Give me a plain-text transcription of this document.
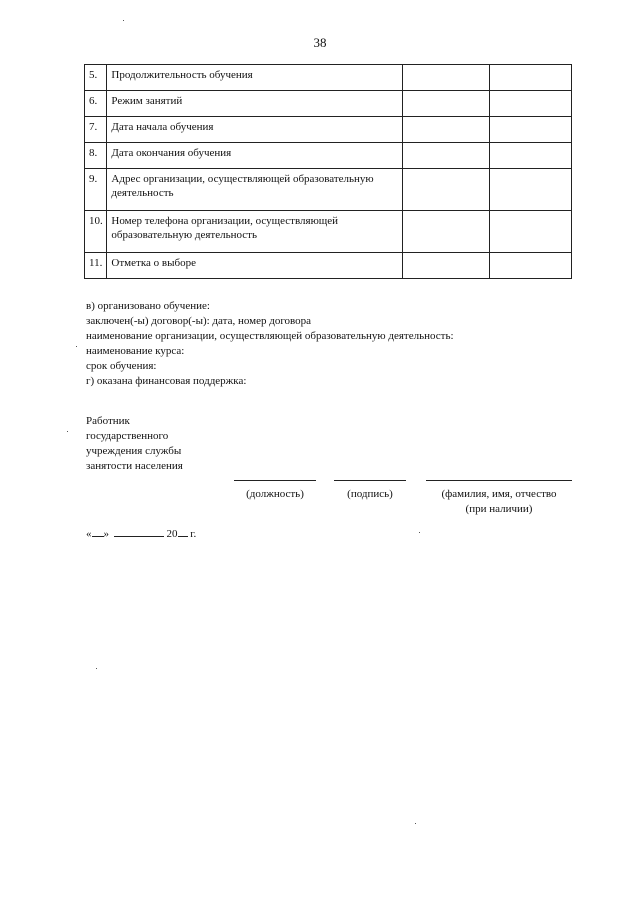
38
5.	Продолжительность обучения		
6.	Режим занятий		
7.	Дата начала обучения		
8.	Дата окончания обучения		
9.	Адрес организации, осуществляющей образовательную деятельность		
10.	Номер телефона организации, осуществляющей образовательную деятельность		
11.	Отметка о выборе		
в) организовано обучение:
заключен(-ы) договор(-ы): дата, номер договора
наименование организации, осуществляющей образовательную деятельность:
наименование курса:
срок обучения:
г) оказана финансовая поддержка:
Работник
государственного
учреждения службы
занятости населения
(должность)	(подпись)	(фамилия, имя, отчество
(при наличии)
« »	20 г.
